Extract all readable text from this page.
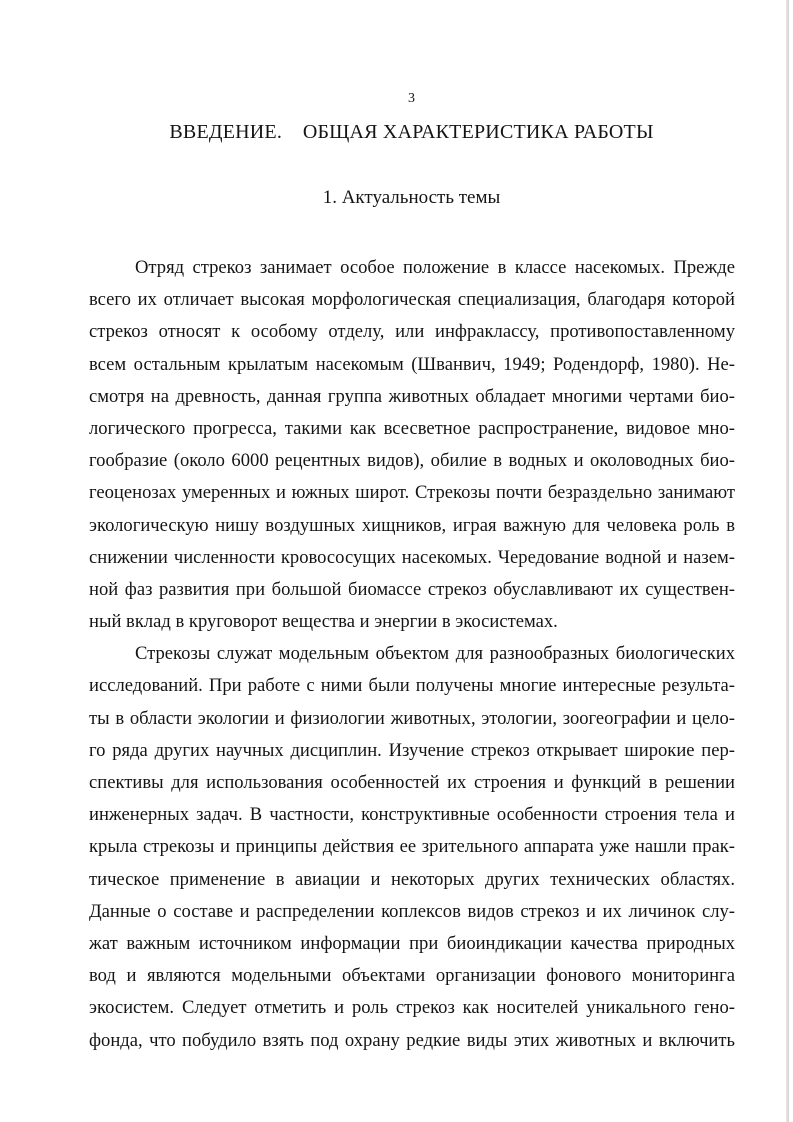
3
ВВЕДЕНИЕ.    ОБЩАЯ ХАРАКТЕРИСТИКА РАБОТЫ
1. Актуальность темы
Отряд стрекоз занимает особое положение в классе насекомых. Прежде
всего их отличает высокая морфологическая специализация, благодаря которой
стрекоз относят к особому отделу, или инфраклассу, противопоставленному
всем остальным крылатым насекомым (Шванвич, 1949; Родендорф, 1980). Не-
смотря на древность, данная группа животных обладает многими чертами био-
логического прогресса, такими как всесветное распространение, видовое мно-
гообразие (около 6000 рецентных видов), обилие в водных и околоводных био-
геоценозах умеренных и южных широт. Стрекозы почти безраздельно занимают
экологическую нишу воздушных хищников, играя важную для человека роль в
снижении численности кровососущих насекомых. Чередование водной и назем-
ной фаз развития при большой биомассе стрекоз обуславливают их существен-
ный вклад в круговорот вещества и энергии в экосистемах.
Стрекозы служат модельным объектом для разнообразных биологических
исследований. При работе с ними были получены многие интересные результа-
ты в области экологии и физиологии животных, этологии, зоогеографии и цело-
го ряда других научных дисциплин. Изучение стрекоз открывает широкие пер-
спективы для использования особенностей их строения и функций в решении
инженерных задач. В частности, конструктивные особенности строения тела и
крыла стрекозы и принципы действия ее зрительного аппарата уже нашли прак-
тическое применение в авиации и некоторых других технических областях.
Данные о составе и распределении коплексов видов стрекоз и их личинок слу-
жат важным источником информации при биоиндикации качества природных
вод и являются модельными объектами организации фонового мониторинга
экосистем. Следует отметить и роль стрекоз как носителей уникального гено-
фонда, что побудило взять под охрану редкие виды этих животных и включить
